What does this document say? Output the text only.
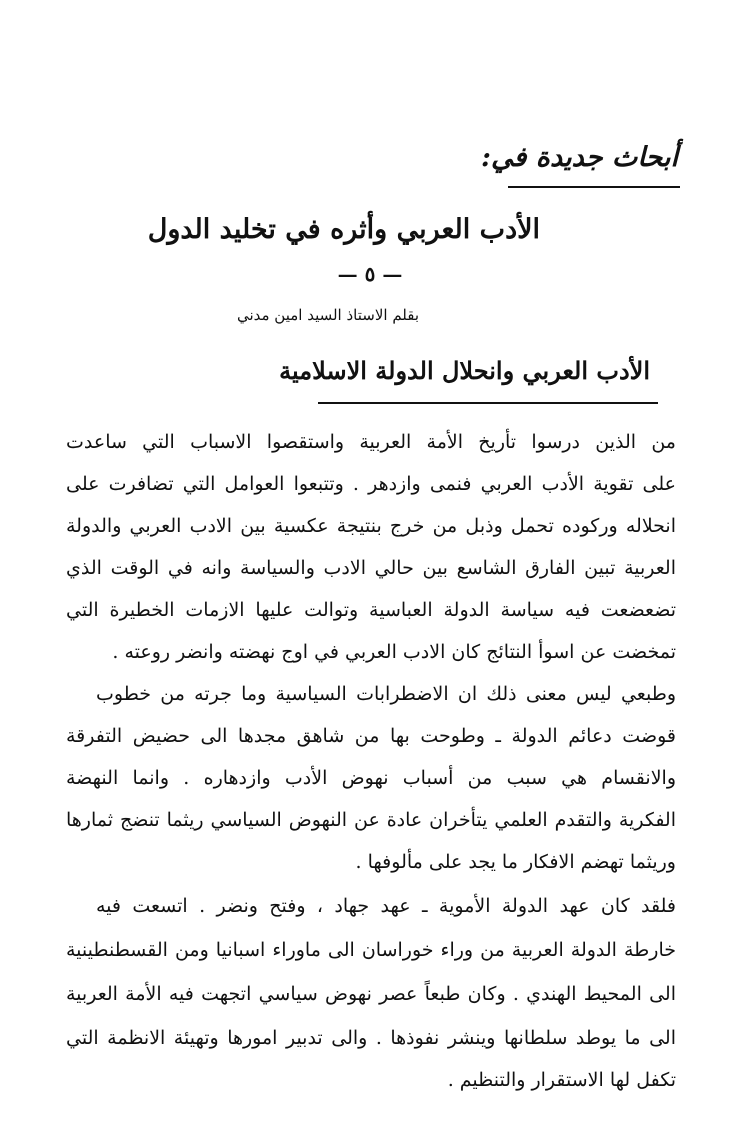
أبحاث جديدة في:
الأدب العربي وأثره في تخليد الدول
— ٥ —
بقلم الاستاذ السيد امين مدني
الأدب العربي وانحلال الدولة الاسلامية
من الذين درسوا تأريخ الأمة العربية واستقصوا الاسباب التي ساعدت
على تقوية الأدب العربي فنمى وازدهر . وتتبعوا العوامل التي تضافرت على
انحلاله وركوده تحمل وذبل من خرج بنتيجة عكسية بين الادب العربي والدولة
العربية تبين الفارق الشاسع بين حالي الادب والسياسة وانه في الوقت الذي
تضعضعت فيه سياسة الدولة العباسية وتوالت عليها الازمات الخطيرة التي
تمخضت عن اسوأ النتائج كان الادب العربي في اوج نهضته وانضر روعته .
وطبعي ليس معنى ذلك ان الاضطرابات السياسية وما جرته من خطوب
قوضت دعائم الدولة ـ وطوحت بها من شاهق مجدها الى حضيض التفرقة
والانقسام هي سبب من أسباب نهوض الأدب وازدهاره . وانما النهضة
الفكرية والتقدم العلمي يتأخران عادة عن النهوض السياسي ريثما تنضج ثمارها
وريثما تهضم الافكار ما يجد على مألوفها .
فلقد كان عهد الدولة الأموية ـ عهد جهاد ، وفتح ونضر . اتسعت فيه
خارطة الدولة العربية من وراء خوراسان الى ماوراء اسبانيا ومن القسطنطينية
الى المحيط الهندي . وكان طبعاً عصر نهوض سياسي اتجهت فيه الأمة العربية
الى ما يوطد سلطانها وينشر نفوذها . والى تدبير امورها وتهيئة الانظمة التي
تكفل لها الاستقرار والتنظيم .
